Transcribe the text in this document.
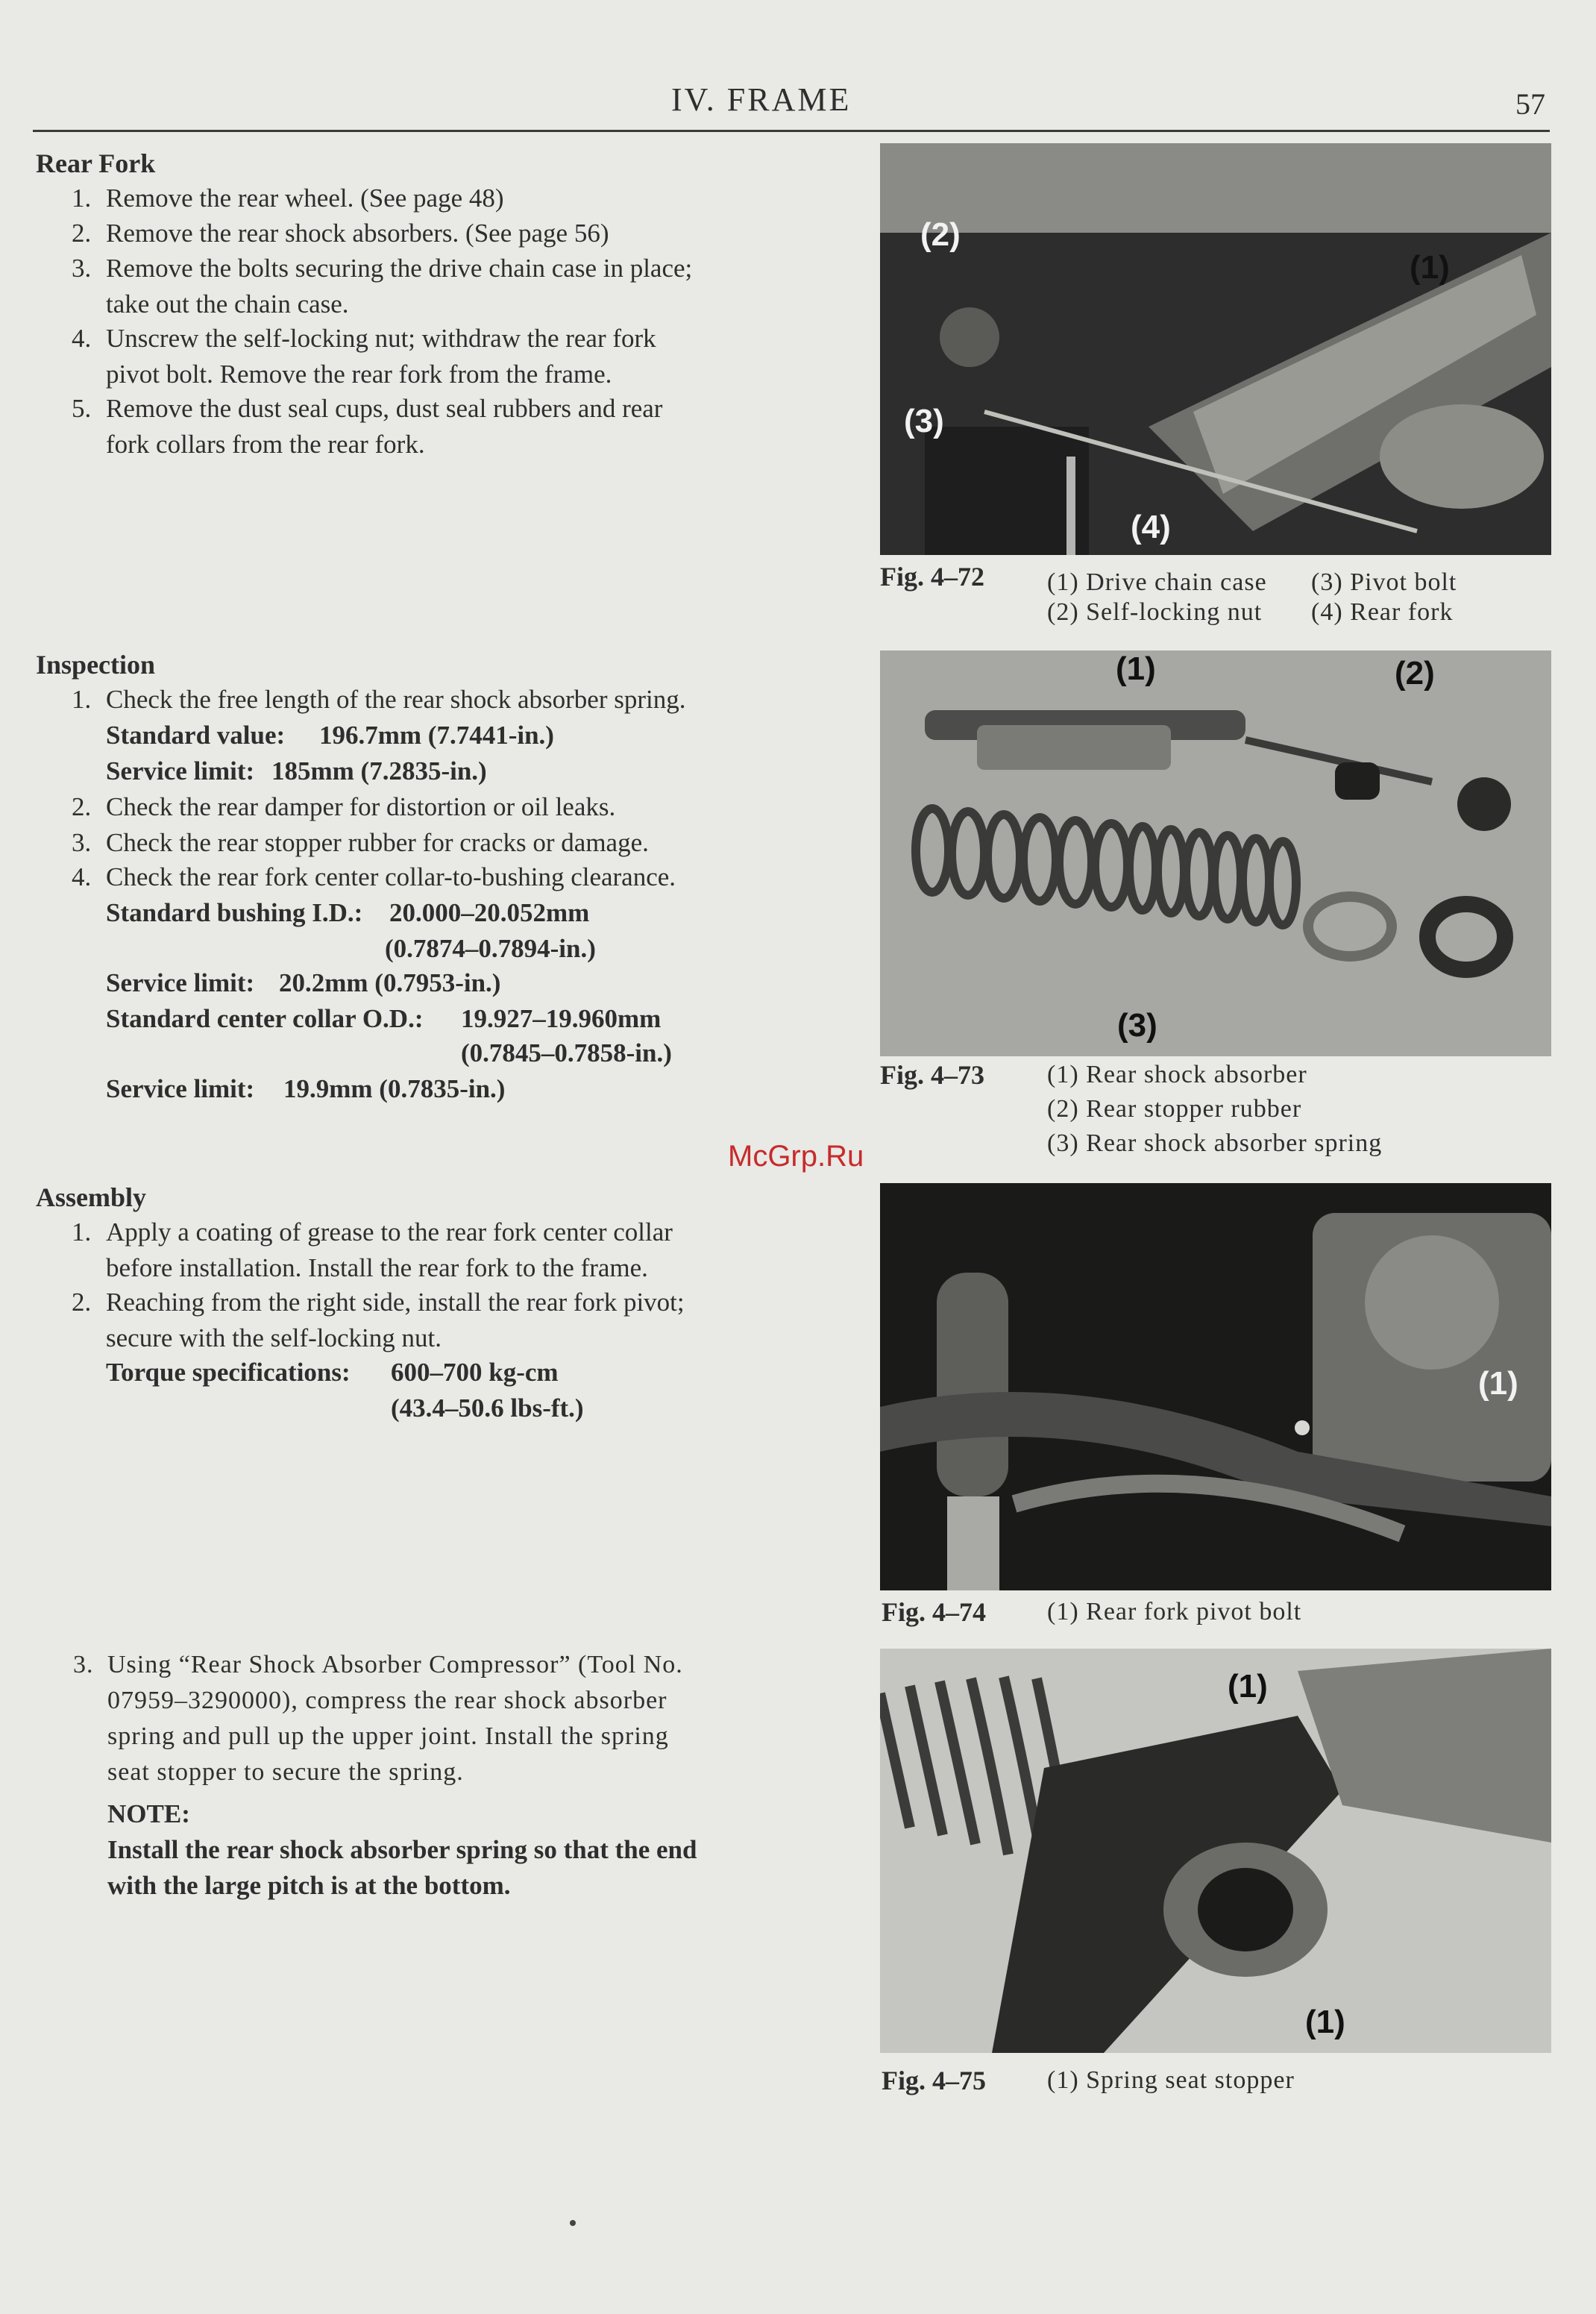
IV. FRAME	57
Rear Fork
1. Remove the rear wheel. (See page 48)
2. Remove the rear shock absorbers. (See page 56)
3. Remove the bolts securing the drive chain case in place;
take out the chain case.
4. Unscrew the self-locking nut; withdraw the rear fork
pivot bolt. Remove the rear fork from the frame.
5. Remove the dust seal cups, dust seal rubbers and rear
fork collars from the rear fork.
Inspection
1. Check the free length of the rear shock absorber spring.
Standard value: 196.7mm (7.7441-in.)
Service limit: 185mm (7.2835-in.)
2. Check the rear damper for distortion or oil leaks.
3. Check the rear stopper rubber for cracks or damage.
4. Check the rear fork center collar-to-bushing clearance.
Standard bushing I.D.: 20.000–20.052mm
(0.7874–0.7894-in.)
Service limit: 20.2mm (0.7953-in.)
Standard center collar O.D.: 19.927–19.960mm
(0.7845–0.7858-in.)
Service limit: 19.9mm (0.7835-in.)
Assembly
1. Apply a coating of grease to the rear fork center collar
before installation. Install the rear fork to the frame.
2. Reaching from the right side, install the rear fork pivot;
secure with the self-locking nut.
Torque specifications: 600–700 kg-cm
(43.4–50.6 lbs-ft.)
3. Using “Rear Shock Absorber Compressor” (Tool No.
07959–3290000), compress the rear shock absorber
spring and pull up the upper joint. Install the spring
seat stopper to secure the spring.
NOTE:
Install the rear shock absorber spring so that the end
with the large pitch is at the bottom.
(2)
(1)
(3)
(4)
Fig. 4–72 (1) Drive chain case (3) Pivot bolt
(2) Self-locking nut (4) Rear fork
(1)	(2)
(3)
Fig. 4–73 (1) Rear shock absorber
(2) Rear stopper rubber
(3) Rear shock absorber spring
McGrp.Ru
(1)
Fig. 4–74 (1) Rear fork pivot bolt
(1)
(1)
Fig. 4–75 (1) Spring seat stopper
